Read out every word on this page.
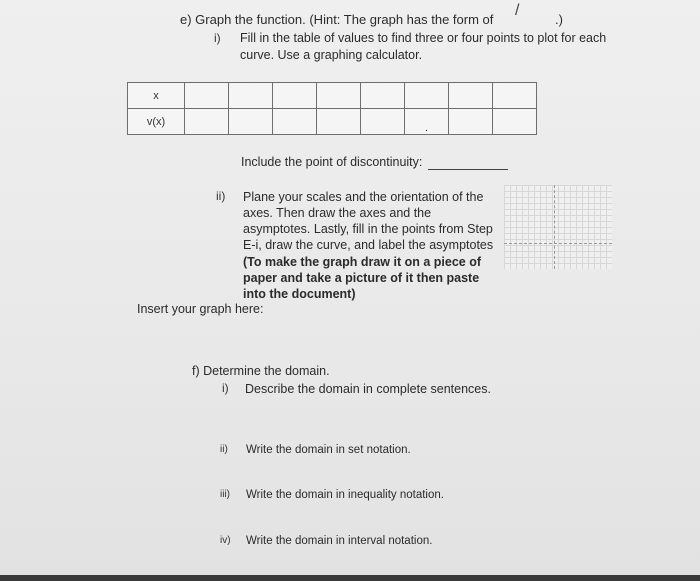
e) Graph the function. (Hint: The graph has the form of
/
.)
i) Fill in the table of values to find three or four points to plot for each
curve. Use a graphing calculator.
x								
v(x)						.		
Include the point of discontinuity:
ii) Plane your scales and the orientation of the
axes. Then draw the axes and the
asymptotes. Lastly, fill in the points from Step
E-i, draw the curve, and label the asymptotes
(To make the graph draw it on a piece of
paper and take a picture of it then paste
into the document)
Insert your graph here:
f) Determine the domain.
i) Describe the domain in complete sentences.
ii) Write the domain in set notation.
iii) Write the domain in inequality notation.
iv) Write the domain in interval notation.
